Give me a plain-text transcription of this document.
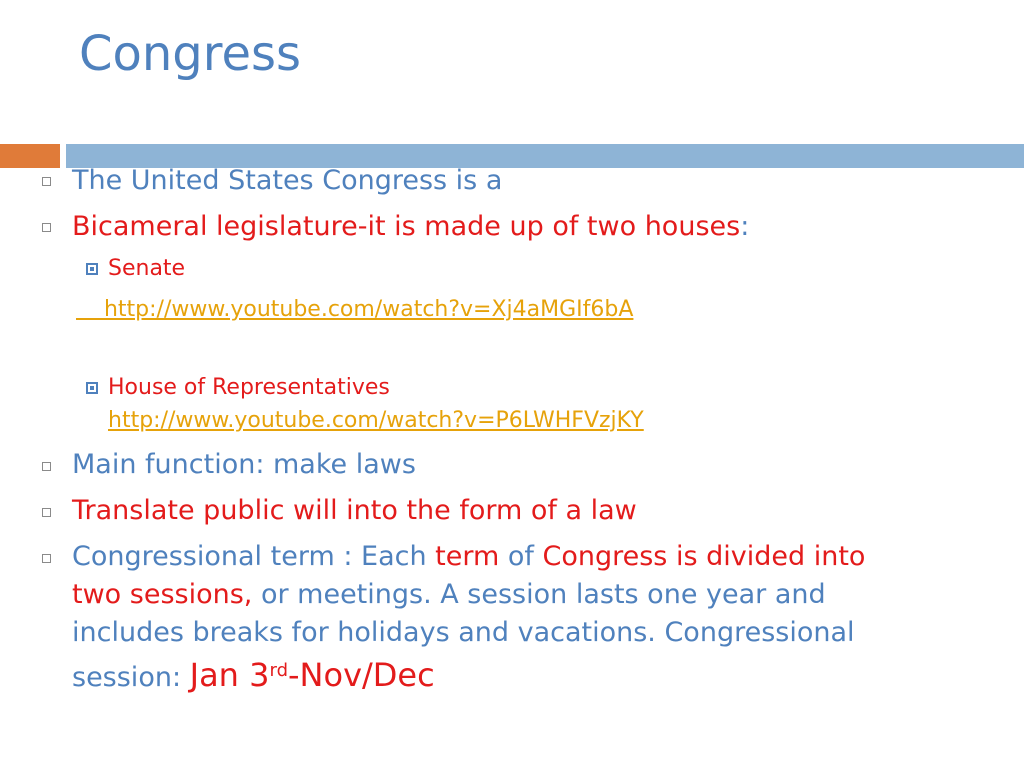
Congress
The United States Congress is a
Bicameral legislature-it is made up of two houses:
Senate
http://www.youtube.com/watch?v=Xj4aMGIf6bA
House of Representatives
http://www.youtube.com/watch?v=P6LWHFVzjKY
Main function: make laws
Translate public will into the form of a law
Congressional term : Each term of Congress is divided into
two sessions, or meetings. A session lasts one year and
includes breaks for holidays and vacations. Congressional
session: Jan 3rd-Nov/Dec
